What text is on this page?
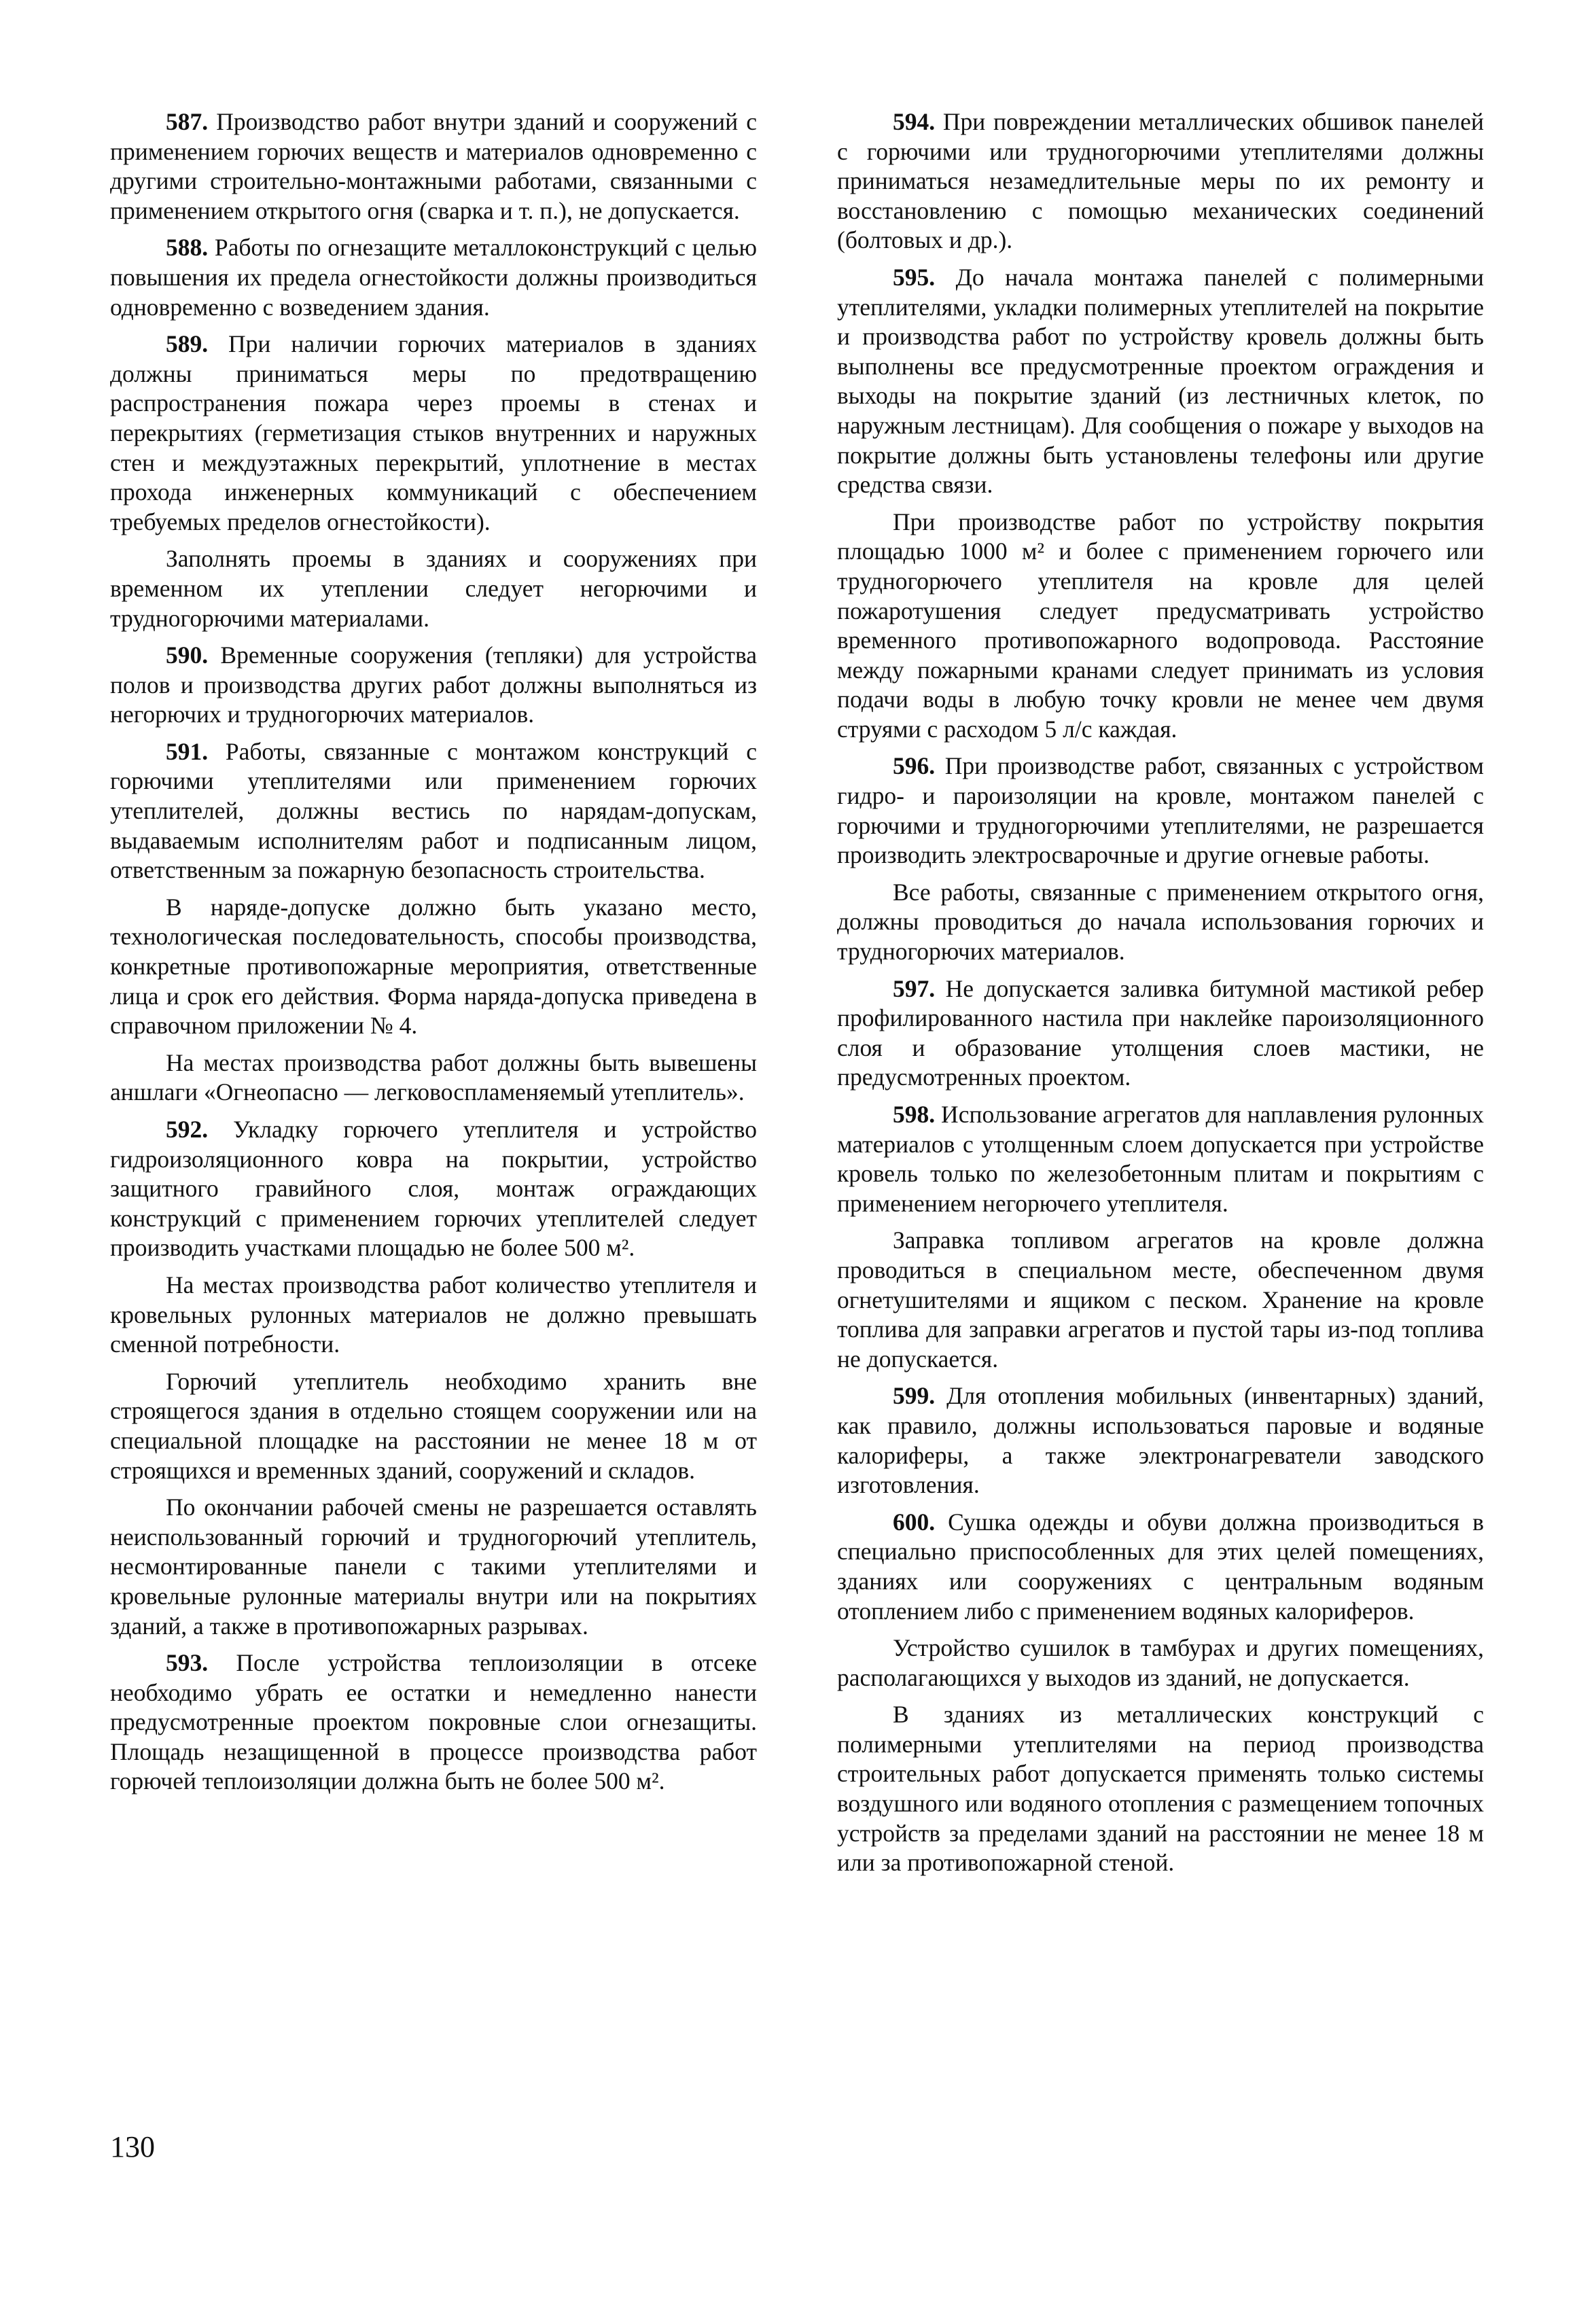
587. Производство работ внутри зданий и сооружений с применением горючих веществ и материалов одновременно с другими строительно-монтажными работами, связанными с применением открытого огня (сварка и т. п.), не допускается.

588. Работы по огнезащите металлоконструкций с целью повышения их предела огнестойкости должны производиться одновременно с возведением здания.

589. При наличии горючих материалов в зданиях должны приниматься меры по предотвращению распространения пожара через проемы в стенах и перекрытиях (герметизация стыков внутренних и наружных стен и междуэтажных перекрытий, уплотнение в местах прохода инженерных коммуникаций с обеспечением требуемых пределов огнестойкости).

Заполнять проемы в зданиях и сооружениях при временном их утеплении следует негорючими и трудногорючими материалами.

590. Временные сооружения (тепляки) для устройства полов и производства других работ должны выполняться из негорючих и трудногорючих материалов.

591. Работы, связанные с монтажом конструкций с горючими утеплителями или применением горючих утеплителей, должны вестись по нарядам-допускам, выдаваемым исполнителям работ и подписанным лицом, ответственным за пожарную безопасность строительства.

В наряде-допуске должно быть указано место, технологическая последовательность, способы производства, конкретные противопожарные мероприятия, ответственные лица и срок его действия. Форма наряда-допуска приведена в справочном приложении № 4.

На местах производства работ должны быть вывешены аншлаги «Огнеопасно — легковоспламеняемый утеплитель».

592. Укладку горючего утеплителя и устройство гидроизоляционного ковра на покрытии, устройство защитного гравийного слоя, монтаж ограждающих конструкций с применением горючих утеплителей следует производить участками площадью не более 500 м².

На местах производства работ количество утеплителя и кровельных рулонных материалов не должно превышать сменной потребности.

Горючий утеплитель необходимо хранить вне строящегося здания в отдельно стоящем сооружении или на специальной площадке на расстоянии не менее 18 м от строящихся и временных зданий, сооружений и складов.

По окончании рабочей смены не разрешается оставлять неиспользованный горючий и трудногорючий утеплитель, несмонтированные панели с такими утеплителями и кровельные рулонные материалы внутри или на покрытиях зданий, а также в противопожарных разрывах.

593. После устройства теплоизоляции в отсеке необходимо убрать ее остатки и немедленно нанести предусмотренные проектом покровные слои огнезащиты. Площадь незащищенной в процессе производства работ горючей теплоизоляции должна быть не более 500 м².

594. При повреждении металлических обшивок панелей с горючими или трудногорючими утеплителями должны приниматься незамедлительные меры по их ремонту и восстановлению с помощью механических соединений (болтовых и др.).

595. До начала монтажа панелей с полимерными утеплителями, укладки полимерных утеплителей на покрытие и производства работ по устройству кровель должны быть выполнены все предусмотренные проектом ограждения и выходы на покрытие зданий (из лестничных клеток, по наружным лестницам). Для сообщения о пожаре у выходов на покрытие должны быть установлены телефоны или другие средства связи.

При производстве работ по устройству покрытия площадью 1000 м² и более с применением горючего или трудногорючего утеплителя на кровле для целей пожаротушения следует предусматривать устройство временного противопожарного водопровода. Расстояние между пожарными кранами следует принимать из условия подачи воды в любую точку кровли не менее чем двумя струями с расходом 5 л/с каждая.

596. При производстве работ, связанных с устройством гидро- и пароизоляции на кровле, монтажом панелей с горючими и трудногорючими утеплителями, не разрешается производить электросварочные и другие огневые работы.

Все работы, связанные с применением открытого огня, должны проводиться до начала использования горючих и трудногорючих материалов.

597. Не допускается заливка битумной мастикой ребер профилированного настила при наклейке пароизоляционного слоя и образование утолщения слоев мастики, не предусмотренных проектом.

598. Использование агрегатов для наплавления рулонных материалов с утолщенным слоем допускается при устройстве кровель только по железобетонным плитам и покрытиям с применением негорючего утеплителя.

Заправка топливом агрегатов на кровле должна проводиться в специальном месте, обеспеченном двумя огнетушителями и ящиком с песком. Хранение на кровле топлива для заправки агрегатов и пустой тары из-под топлива не допускается.

599. Для отопления мобильных (инвентарных) зданий, как правило, должны использоваться паровые и водяные калориферы, а также электронагреватели заводского изготовления.

600. Сушка одежды и обуви должна производиться в специально приспособленных для этих целей помещениях, зданиях или сооружениях с центральным водяным отоплением либо с применением водяных калориферов.

Устройство сушилок в тамбурах и других помещениях, располагающихся у выходов из зданий, не допускается.

В зданиях из металлических конструкций с полимерными утеплителями на период производства строительных работ допускается применять только системы воздушного или водяного отопления с размещением топочных устройств за пределами зданий на расстоянии не менее 18 м или за противопожарной стеной.

130
